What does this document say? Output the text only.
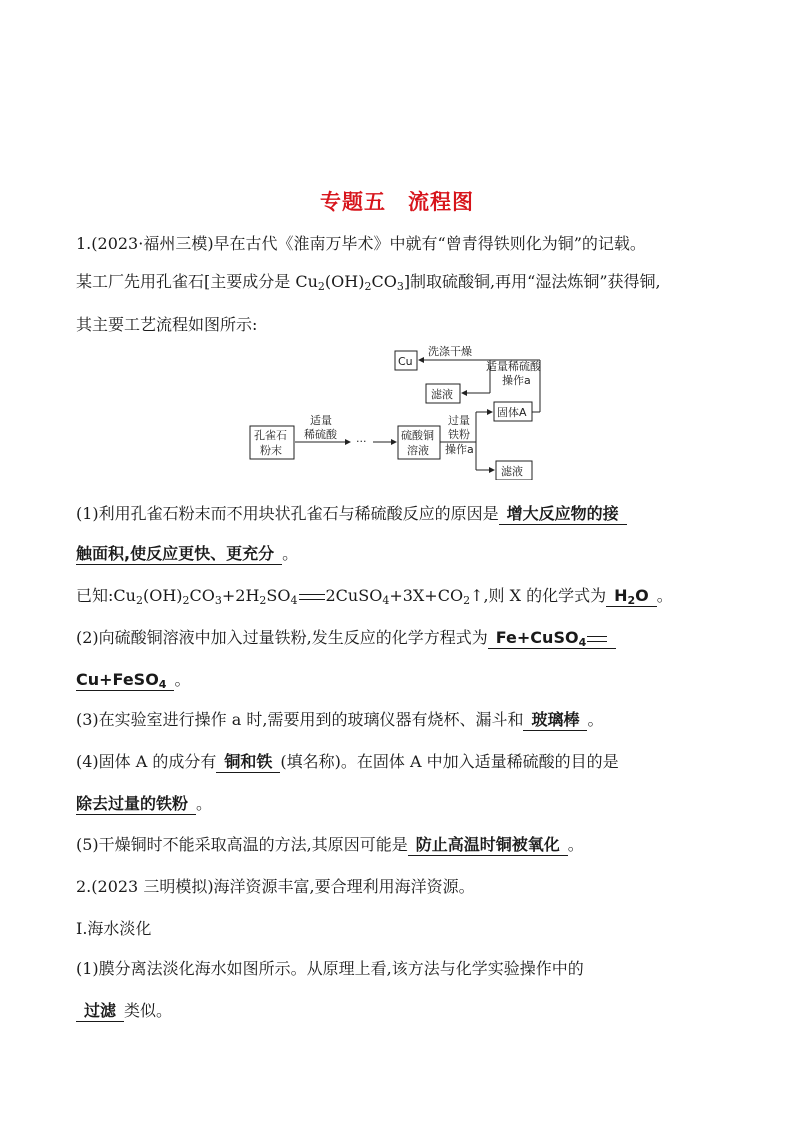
专题五 流程图
1.(2023·福州三模)早在古代《淮南万毕术》中就有“曾青得铁则化为铜”的记载。
某工厂先用孔雀石[主要成分是 $Cu_2(OH)_2CO_3$]制取硫酸铜,再用“湿法炼铜”获得铜,
其主要工艺流程如图所示:
Cu
洗涤干燥
适量稀硫酸
操作a
滤液
固体A
孔雀石
粉末
适量
稀硫酸
···	硫酸铜
溶液
过量
铁粉
操作a
滤液
(1)利用孔雀石粉末而不用块状孔雀石与稀硫酸反应的原因是 增大反应物的接
触面积,使反应更快、更充分 。
已知$:Cu_2(OH)_2CO_3+2H_2SO_4$ $2CuSO_4+3X+CO_2↑$,则 X 的化学式为 $H_2O$ 。
(2)向硫酸铜溶液中加入过量铁粉,发生反应的化学方程式为 Fe+CuSO$_4$
Cu+FeSO$_4$ 。
(3)在实验室进行操作 a 时,需要用到的玻璃仪器有烧杯、漏斗和 玻璃棒 。
(4)固体 A 的成分有 铜和铁 (填名称)。在固体 A 中加入适量稀硫酸的目的是
除去过量的铁粉 。
(5)干燥铜时不能采取高温的方法,其原因可能是 防止高温时铜被氧化 。
2.(2023 三明模拟)海洋资源丰富,要合理利用海洋资源。
Ⅰ.海水淡化
(1)膜分离法淡化海水如图所示。从原理上看,该方法与化学实验操作中的
过滤 类似。
